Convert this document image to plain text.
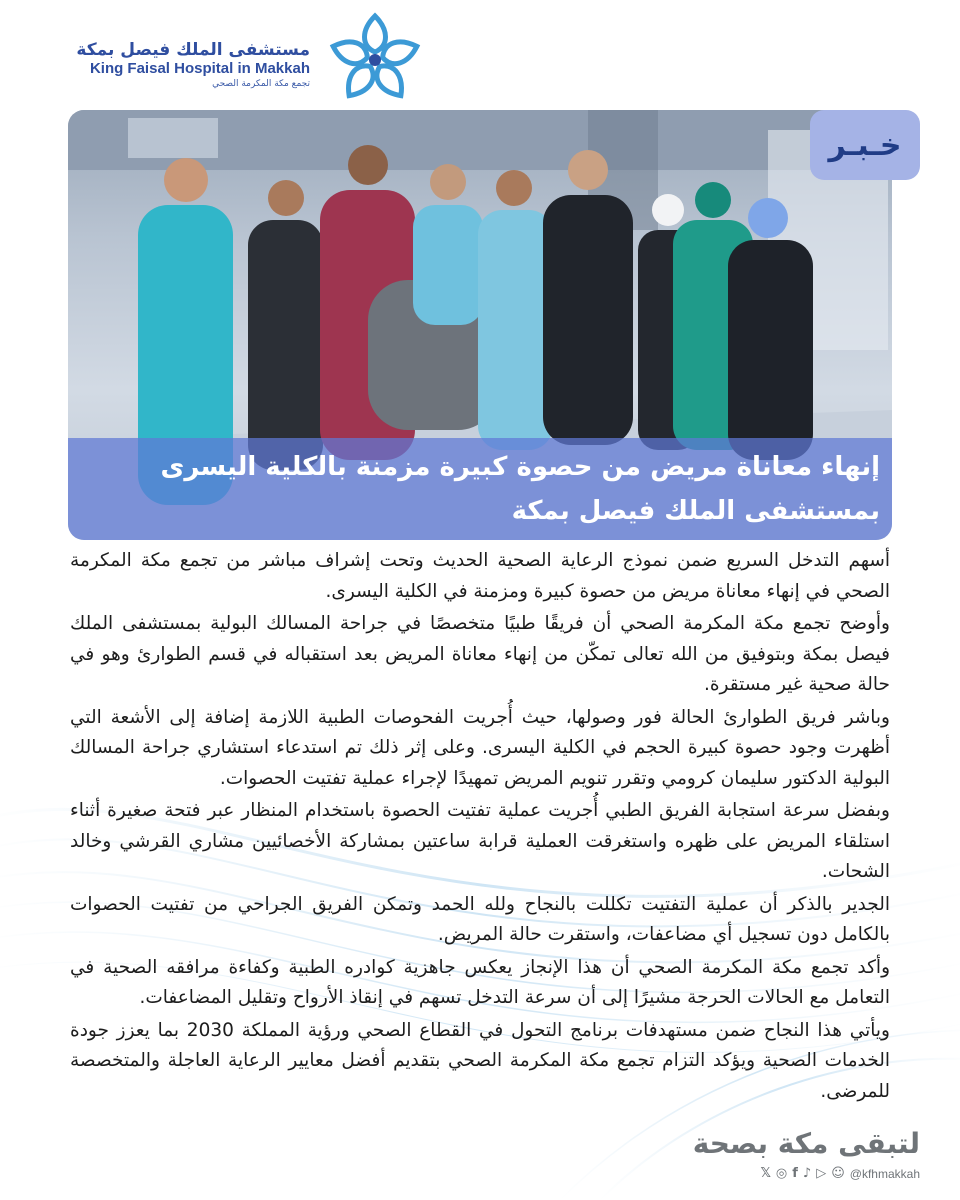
مستشفى الملك فيصل بمكة
King Faisal Hospital in Makkah
تجمع مكة المكرمة الصحي
خـبـر
إنهاء معاناة مريض من حصوة كبيرة مزمنة بالكلية اليسرى بمستشفى الملك فيصل بمكة

أسهم التدخل السريع ضمن نموذج الرعاية الصحية الحديث وتحت إشراف مباشر من تجمع مكة المكرمة الصحي في إنهاء معاناة مريض من حصوة كبيرة ومزمنة في الكلية اليسرى.

وأوضح تجمع مكة المكرمة الصحي أن فريقًا طبيًا متخصصًا في جراحة المسالك البولية بمستشفى الملك فيصل بمكة وبتوفيق من الله تعالى تمكّن من إنهاء معاناة المريض بعد استقباله في قسم الطوارئ وهو في حالة صحية غير مستقرة.

وباشر فريق الطوارئ الحالة فور وصولها، حيث أُجريت الفحوصات الطبية اللازمة إضافة إلى الأشعة التي أظهرت وجود حصوة كبيرة الحجم في الكلية اليسرى. وعلى إثر ذلك تم استدعاء استشاري جراحة المسالك البولية الدكتور سليمان كرومي وتقرر تنويم المريض تمهيدًا لإجراء عملية تفتيت الحصوات.

وبفضل سرعة استجابة الفريق الطبي أُجريت عملية تفتيت الحصوة باستخدام المنظار عبر فتحة صغيرة أثناء استلقاء المريض على ظهره واستغرقت العملية قرابة ساعتين بمشاركة الأخصائيين مشاري القرشي وخالد الشحات.

الجدير بالذكر أن عملية التفتيت تكللت بالنجاح ولله الحمد وتمكن الفريق الجراحي من تفتيت الحصوات بالكامل دون تسجيل أي مضاعفات، واستقرت حالة المريض.

وأكد تجمع مكة المكرمة الصحي أن هذا الإنجاز يعكس جاهزية كوادره الطبية وكفاءة مرافقه الصحية في التعامل مع الحالات الحرجة مشيرًا إلى أن سرعة التدخل تسهم في إنقاذ الأرواح وتقليل المضاعفات.

ويأتي هذا النجاح ضمن مستهدفات برنامج التحول في القطاع الصحي ورؤية المملكة 2030 بما يعزز جودة الخدمات الصحية ويؤكد التزام تجمع مكة المكرمة الصحي بتقديم أفضل معايير الرعاية العاجلة والمتخصصة للمرضى.

لتبقى مكة بصحة
𝕏 ◎ f ♪ ▷ ☺ @kfhmakkah
